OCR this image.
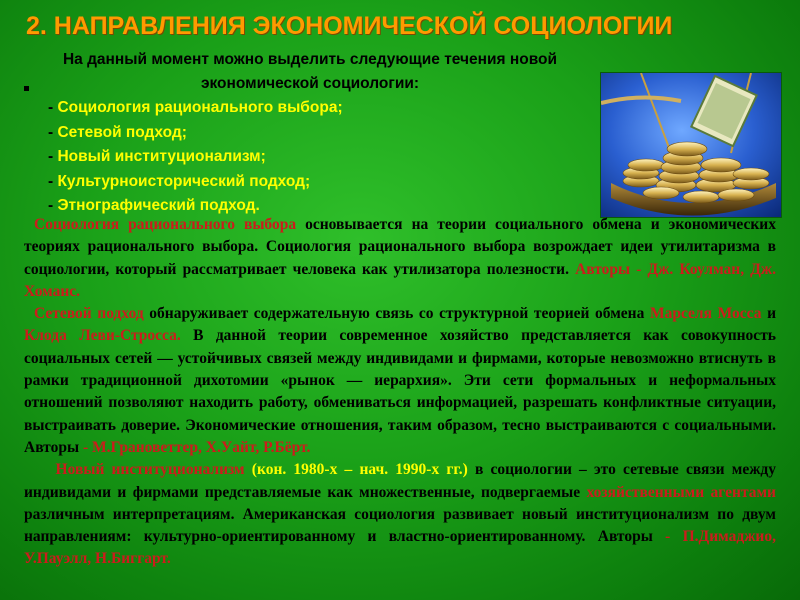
2. НАПРАВЛЕНИЯ ЭКОНОМИЧЕСКОЙ СОЦИОЛОГИИ
На данный момент можно выделить следующие течения новой экономической социологии:
- Социология рационального выбора;
- Сетевой подход;
- Новый институционализм;
- Культурноисторический подход;
- Этнографический подход.

Социология рационального выбора основывается на теории социального обмена и экономических теориях рационального выбора. Социология рационального выбора возрождает идеи утилитаризма в социологии, который рассматривает человека как утилизатора полезности. Авторы - Дж. Коулман, Дж. Хоманс.

Сетевой подход обнаруживает содержательную связь со структурной теорией обмена Марселя Мосса и Клода Леви-Стросса. В данной теории современное хозяйство представляется как совокупность социальных сетей — устойчивых связей между индивидами и фирмами, которые невозможно втиснуть в рамки традиционной дихотомии «рынок — иерархия». Эти сети формальных и неформальных отношений позволяют находить работу, обмениваться информацией, разрешать конфликтные ситуации, выстраивать доверие. Экономические отношения, таким образом, тесно выстраиваются с социальными. Авторы - М.Грановеттер, Х.Уайт, Р.Бёрт.

Новый институционализм (кон. 1980-х – нач. 1990-х гг.) в социологии – это сетевые связи между индивидами и фирмами представляемые как множественные, подвергаемые хозяйственными агентами различным интерпретациям. Американская социология развивает новый институционализм по двум направлениям: культурно-ориентированному и властно-ориентированному. Авторы - П.Димаджио, У.Пауэлл, Н.Биггарт.
